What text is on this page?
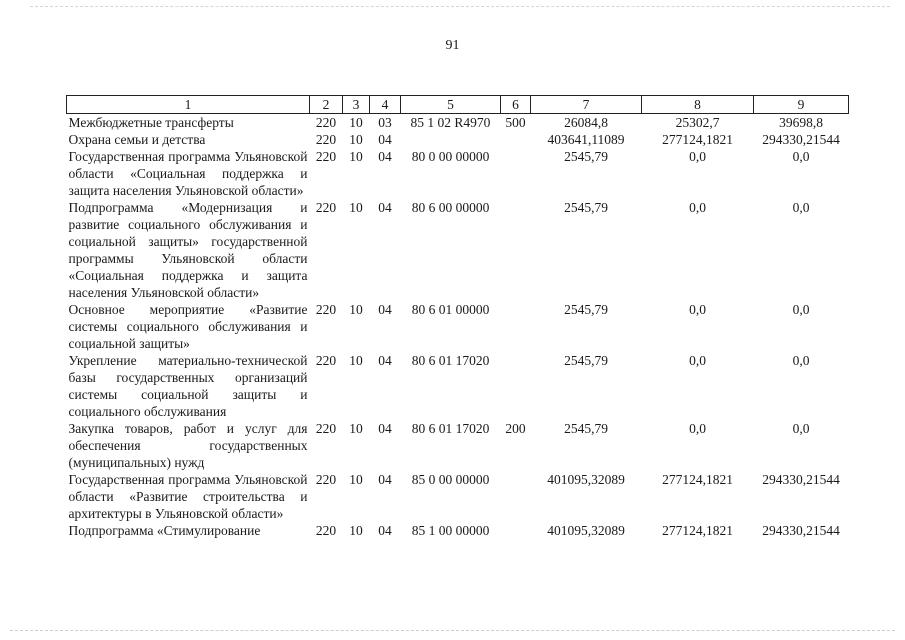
91
1	2	3	4	5	6	7	8	9
Межбюджетные трансферты	220	10	03	85 1 02 R4970	500	26084,8	25302,7	39698,8
Охрана семьи и детства	220	10	04			403641,11089	277124,1821	294330,21544
Государственная программа Ульяновской области «Социальная поддержка и защита населения Ульяновской области»	220	10	04	80 0 00 00000		2545,79	0,0	0,0
Подпрограмма «Модернизация и развитие социального обслуживания и социальной защиты» государственной программы Ульяновской области «Социальная поддержка и защита населения Ульяновской области»	220	10	04	80 6 00 00000		2545,79	0,0	0,0
Основное мероприятие «Развитие системы социального обслуживания и социальной защиты»	220	10	04	80 6 01 00000		2545,79	0,0	0,0
Укрепление материально-технической базы государственных организаций системы социальной защиты и социального обслуживания	220	10	04	80 6 01 17020		2545,79	0,0	0,0
Закупка товаров, работ и услуг для обеспечения государственных (муниципальных) нужд	220	10	04	80 6 01 17020	200	2545,79	0,0	0,0
Государственная программа Ульяновской области «Развитие строительства и архитектуры в Ульяновской области»	220	10	04	85 0 00 00000		401095,32089	277124,1821	294330,21544
Подпрограмма «Стимулирование	220	10	04	85 1 00 00000		401095,32089	277124,1821	294330,21544
